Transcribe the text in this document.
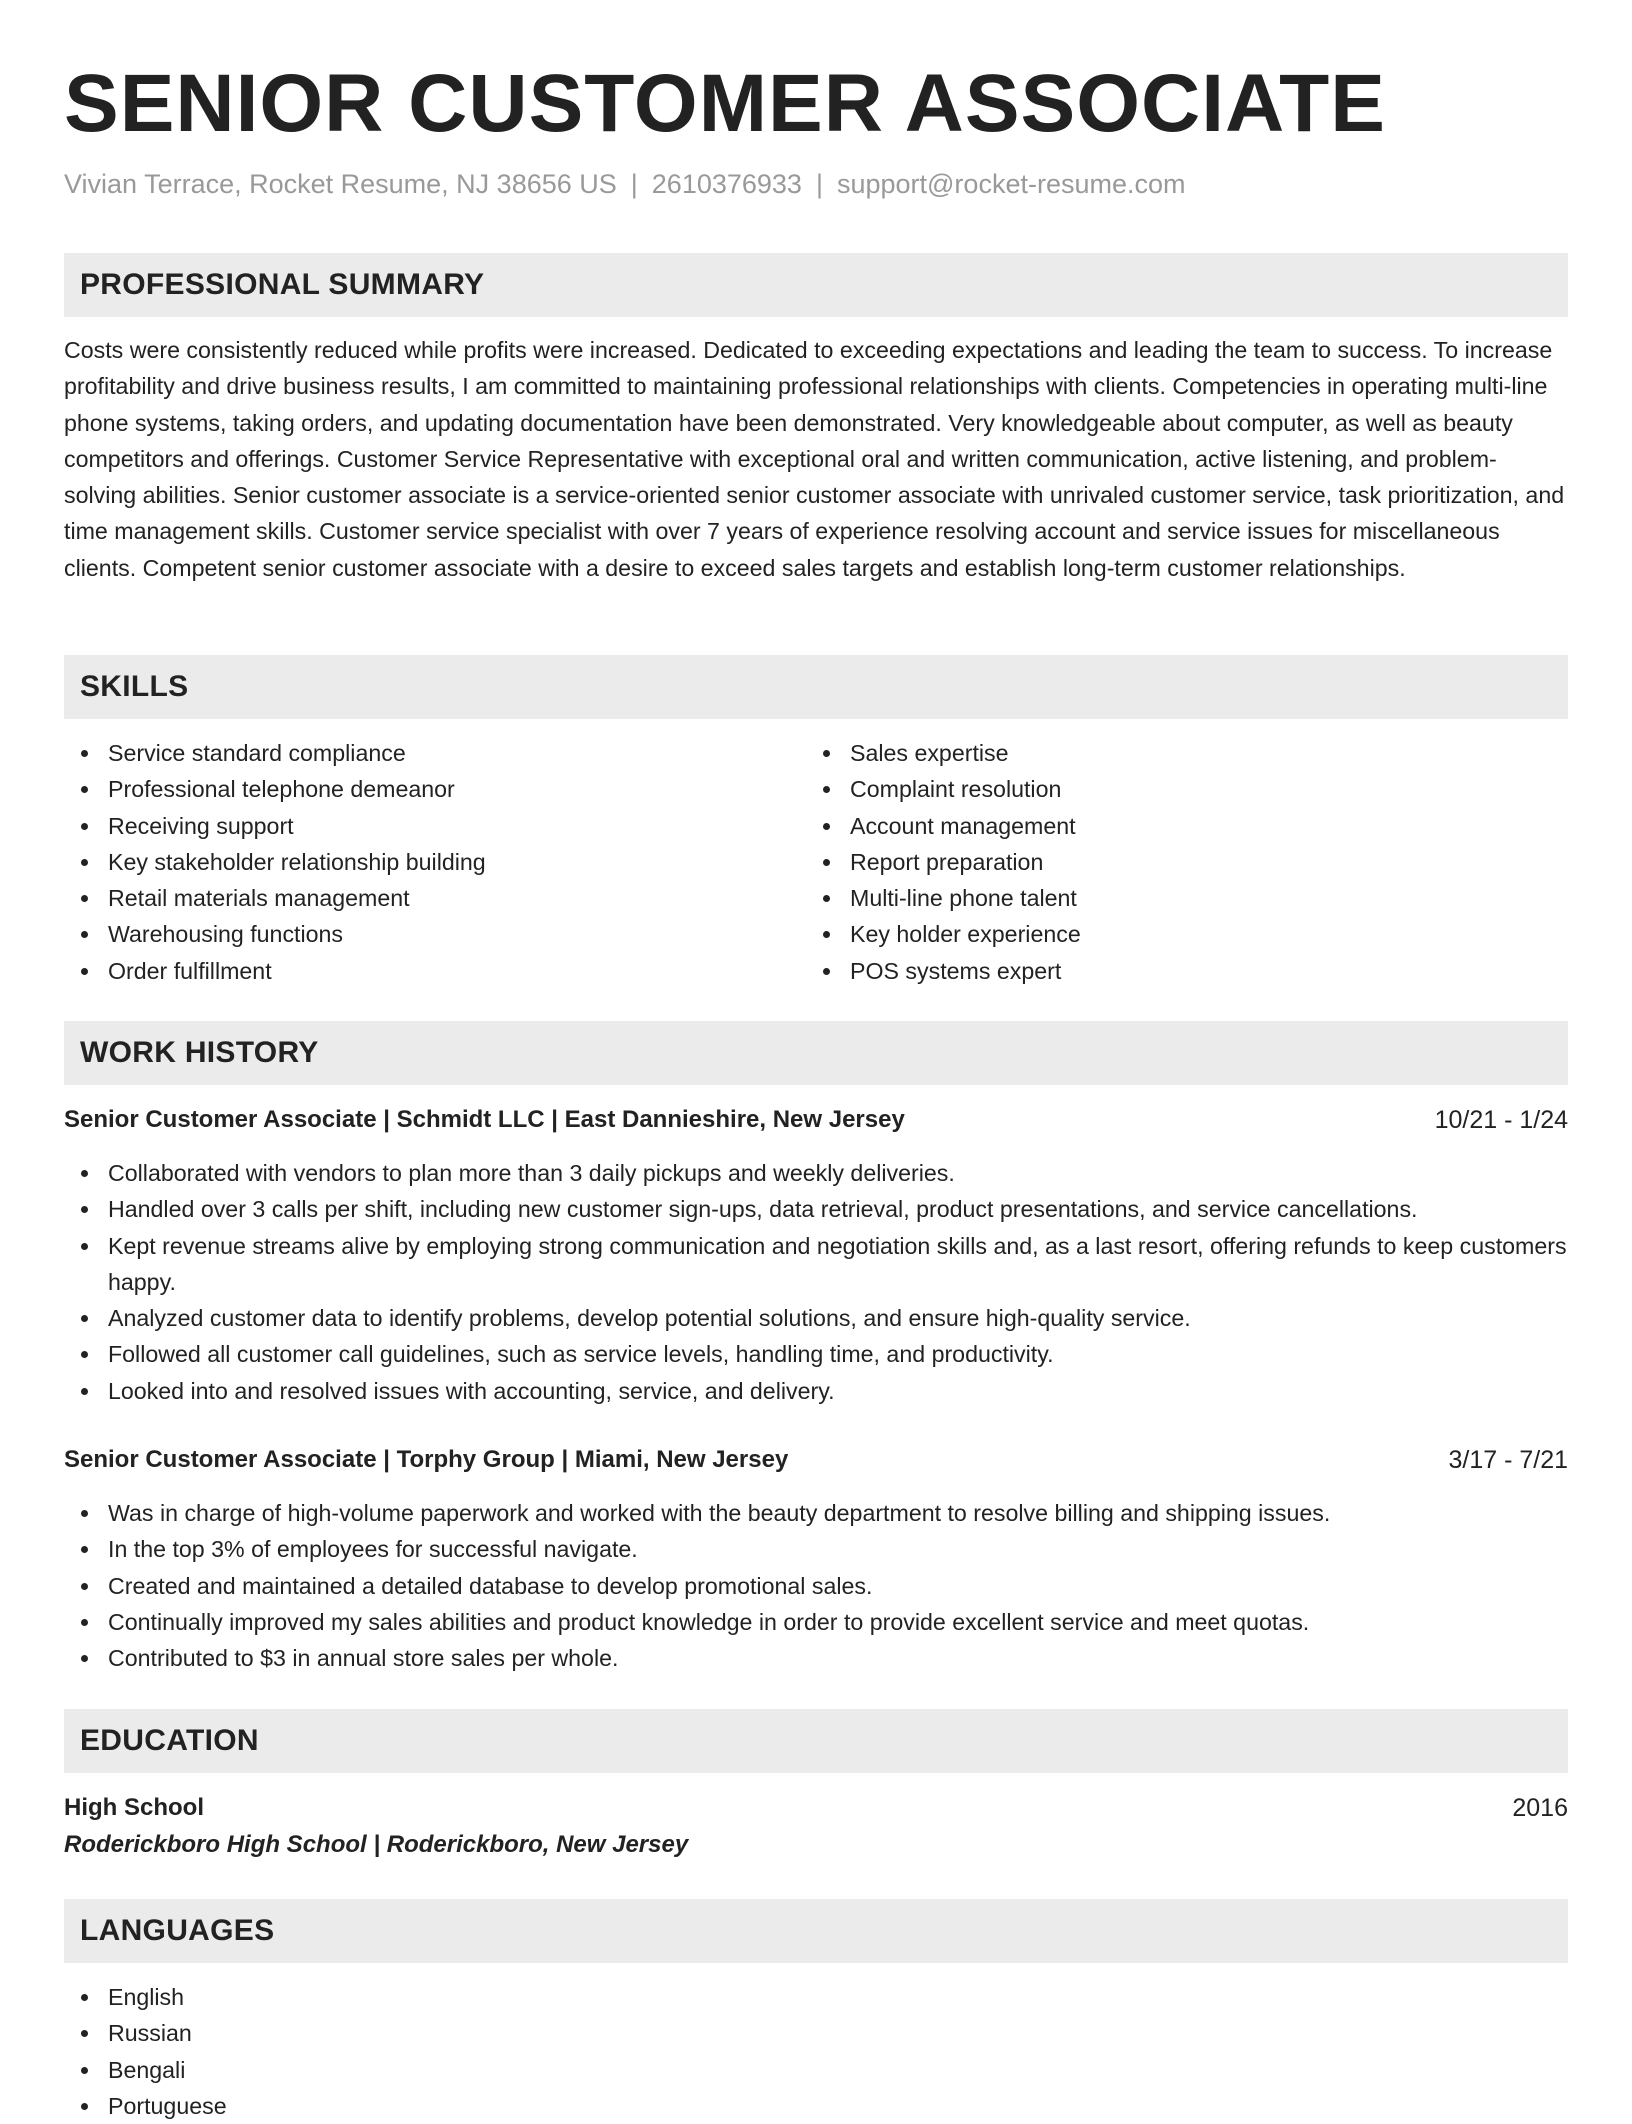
SENIOR CUSTOMER ASSOCIATE
Vivian Terrace, Rocket Resume, NJ 38656 US | 2610376933 | support@rocket-resume.com
PROFESSIONAL SUMMARY

Costs were consistently reduced while profits were increased. Dedicated to exceeding expectations and leading the team to success. To increase profitability and drive business results, I am committed to maintaining professional relationships with clients. Competencies in operating multi-line phone systems, taking orders, and updating documentation have been demonstrated. Very knowledgeable about computer, as well as beauty competitors and offerings. Customer Service Representative with exceptional oral and written communication, active listening, and problem-solving abilities. Senior customer associate is a service-oriented senior customer associate with unrivaled customer service, task prioritization, and time management skills. Customer service specialist with over 7 years of experience resolving account and service issues for miscellaneous clients. Competent senior customer associate with a desire to exceed sales targets and establish long-term customer relationships.

SKILLS
Service standard compliance
Professional telephone demeanor
Receiving support
Key stakeholder relationship building
Retail materials management
Warehousing functions
Order fulfillment
Sales expertise
Complaint resolution
Account management
Report preparation
Multi-line phone talent
Key holder experience
POS systems expert
WORK HISTORY
Senior Customer Associate | Schmidt LLC | East Dannieshire, New Jersey	10/21 - 1/24
Collaborated with vendors to plan more than 3 daily pickups and weekly deliveries.
Handled over 3 calls per shift, including new customer sign-ups, data retrieval, product presentations, and service cancellations.
Kept revenue streams alive by employing strong communication and negotiation skills and, as a last resort, offering refunds to keep customers happy.
Analyzed customer data to identify problems, develop potential solutions, and ensure high-quality service.
Followed all customer call guidelines, such as service levels, handling time, and productivity.
Looked into and resolved issues with accounting, service, and delivery.
Senior Customer Associate | Torphy Group | Miami, New Jersey	3/17 - 7/21
Was in charge of high-volume paperwork and worked with the beauty department to resolve billing and shipping issues.
In the top 3% of employees for successful navigate.
Created and maintained a detailed database to develop promotional sales.
Continually improved my sales abilities and product knowledge in order to provide excellent service and meet quotas.
Contributed to $3 in annual store sales per whole.
EDUCATION
High School	2016
Roderickboro High School | Roderickboro, New Jersey
LANGUAGES
English
Russian
Bengali
Portuguese
